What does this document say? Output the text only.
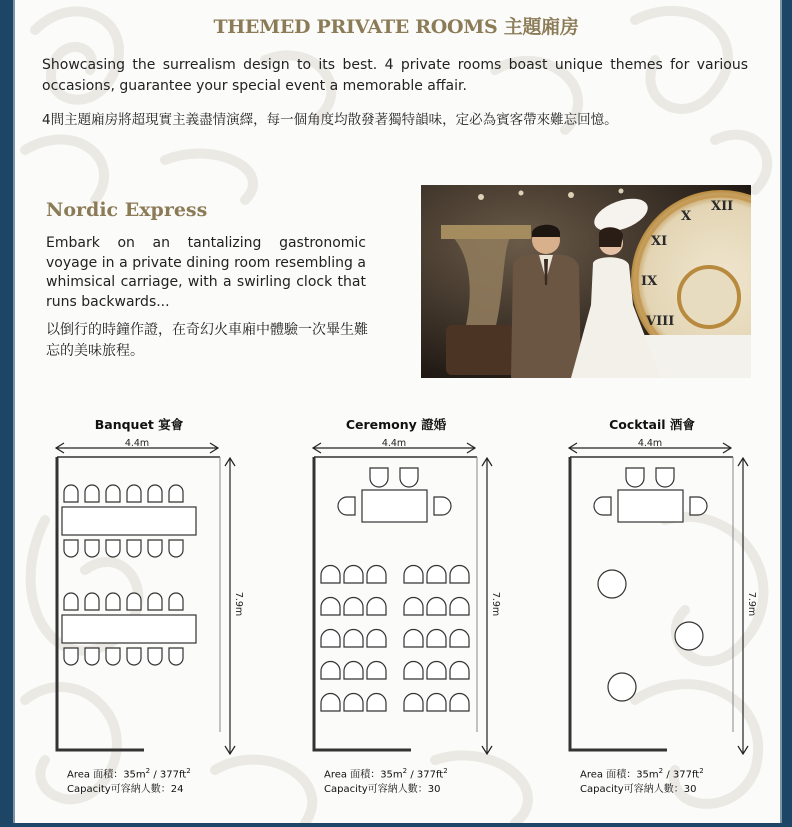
THEMED PRIVATE ROOMS 主題廂房
Showcasing the surrealism design to its best. 4 private rooms boast unique themes for various occasions, guarantee your special event a memorable affair.
4間主題廂房將超現實主義盡情演繹，每一個角度均散發著獨特韻味，定必為賓客帶來難忘回憶。
Nordic Express
Embark on an tantalizing gastronomic voyage in a private dining room resembling a whimsical carriage, with a swirling clock that runs backwards...
以倒行的時鐘作證，在奇幻火車廂中體驗一次畢生難忘的美味旅程。
XI
IX
VIII
XII
X
Banquet 宴會	Ceremony 證婚	Cocktail 酒會
4.4m
7.9m
4.4m
7.9m
4.4m
7.9m
Area 面積：$35m^2 / 377ft^2$
Capacity可容納人數：24
Area 面積：$35m^2 / 377ft^2$
Capacity可容納人數：30
Area 面積：$35m^2 / 377ft^2$
Capacity可容納人數：30
